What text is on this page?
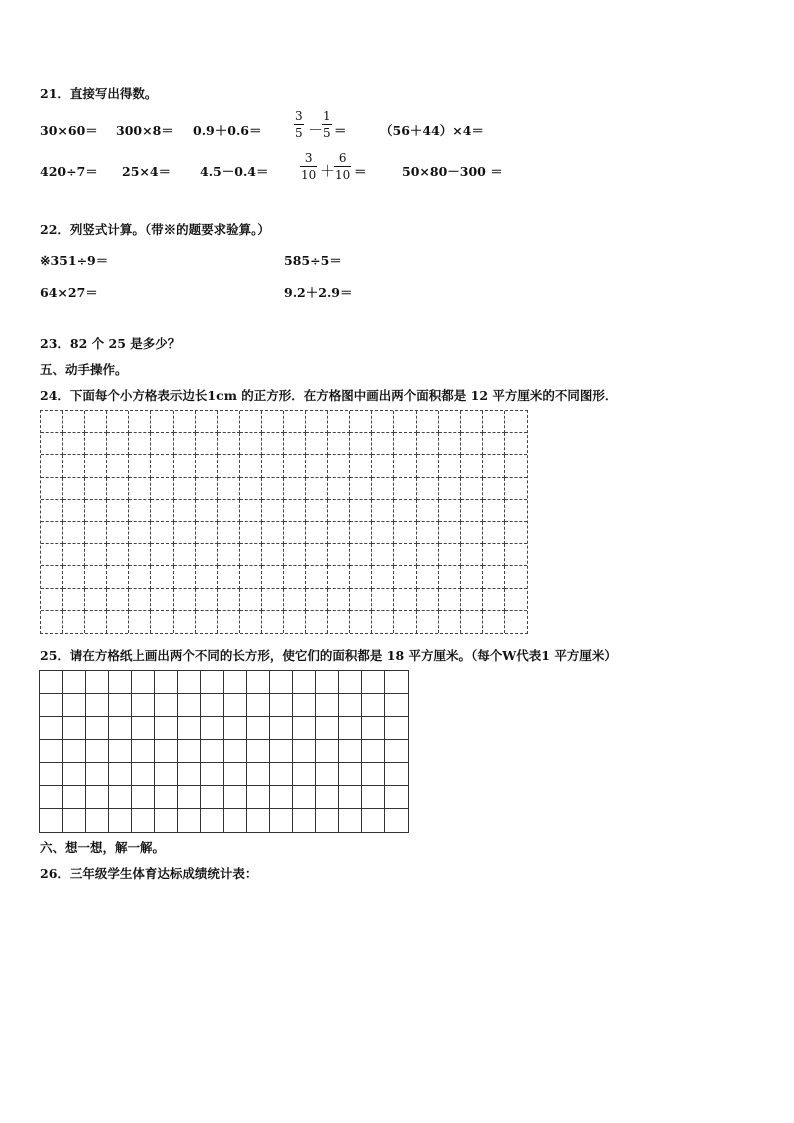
21．直接写出得数。
30×60＝ 300×8＝ 0.9＋0.6＝	$\frac{3}{5}$ －
$\frac{1}{5}$ ＝	（56＋44）×4＝
420÷7＝ 25×4＝ 4.5－0.4＝	$\frac{3}{10}$ ＋
$\frac{6}{10}$ ＝	50×80－300 ＝
22．列竖式计算。（带※的题要求验算。）
※351÷9＝	585÷5＝
64×27＝	9.2＋2.9＝
23．82 个 25 是多少？
五、动手操作。
24．下面每个小方格表示边长1cm 的正方形．在方格图中画出两个面积都是 12 平方厘米的不同图形．
25．请在方格纸上画出两个不同的长方形，使它们的面积都是 18 平方厘米。（每个W代表1 平方厘米）
六、想一想，解一解。
26．三年级学生体育达标成绩统计表：
